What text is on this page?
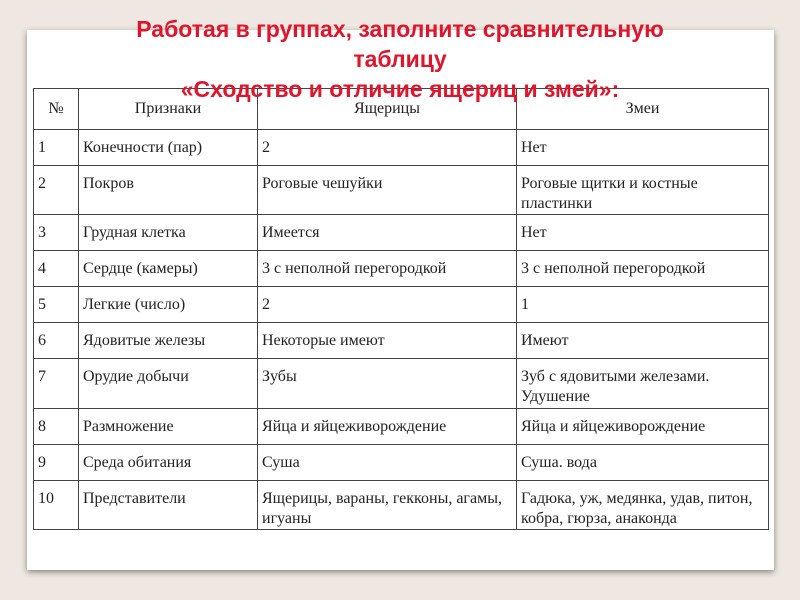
Работая в группах, заполните сравнительную
таблицу
«Сходство и отличие ящериц и змей»:
№	Признаки	Ящерицы	Змеи
1	Конечности (пар)	2	Нет
2	Покров	Роговые чешуйки	Роговые щитки и костные пластинки
3	Грудная клетка	Имеется	Нет
4	Сердце (камеры)	3 с неполной перегородкой	3 с неполной перегородкой
5	Легкие (число)	2	1
6	Ядовитые железы	Некоторые имеют	Имеют
7	Орудие добычи	Зубы	Зуб с ядовитыми железами. Удушение
8	Размножение	Яйца и яйцеживорождение	Яйца и яйцеживорождение
9	Среда обитания	Суша	Суша. вода
10	Представители	Ящерицы, вараны, гекконы, агамы, игуаны	Гадюка, уж, медянка, удав, питон, кобра, гюрза, анаконда
